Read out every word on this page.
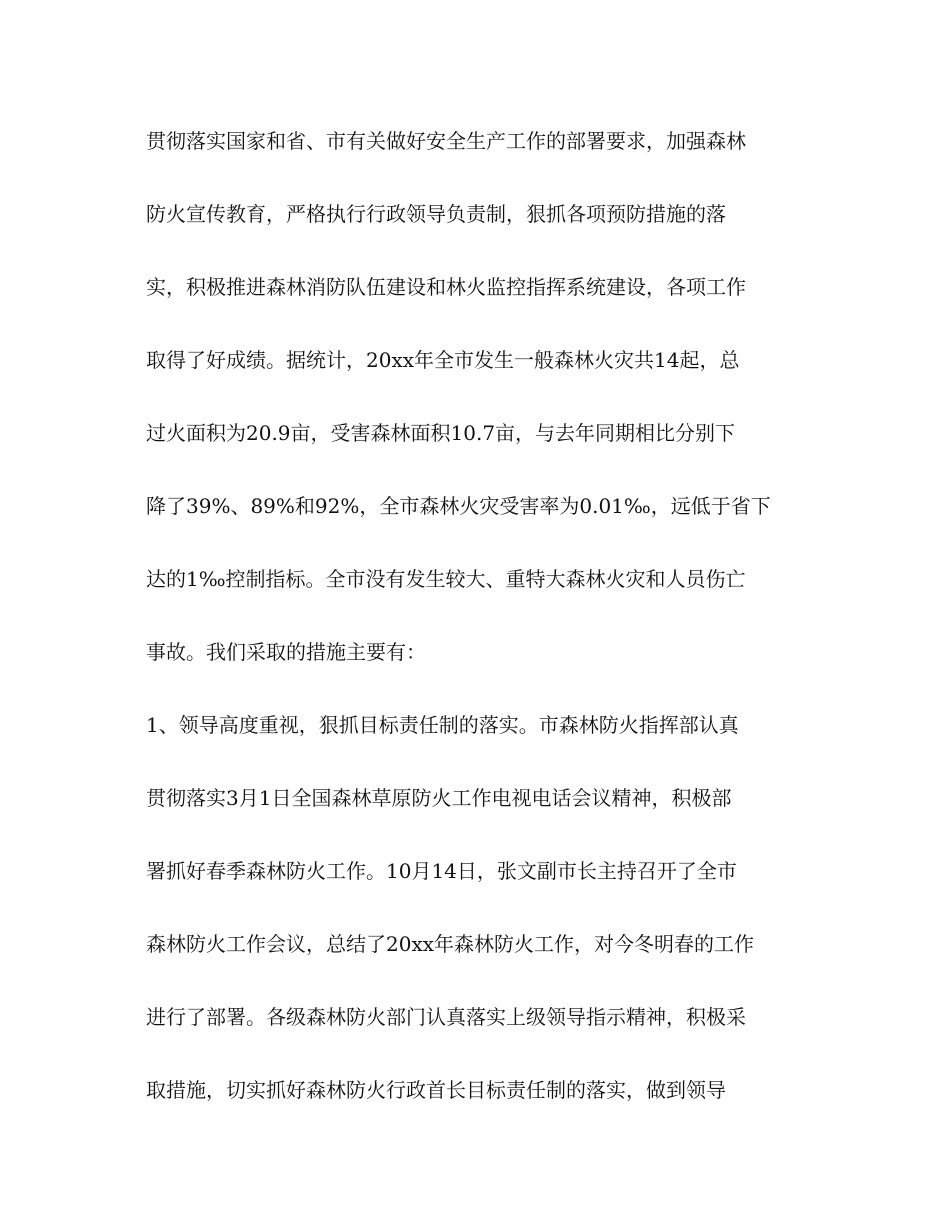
贯彻落实国家和省、市有关做好安全生产工作的部署要求，加强森林
防火宣传教育，严格执行行政领导负责制，狠抓各项预防措施的落
实，积极推进森林消防队伍建设和林火监控指挥系统建设，各项工作
取得了好成绩。据统计，20xx年全市发生一般森林火灾共14起，总
过火面积为20.9亩，受害森林面积10.7亩，与去年同期相比分别下
降了39%、89%和92%，全市森林火灾受害率为0.01‰，远低于省下
达的1‰控制指标。全市没有发生较大、重特大森林火灾和人员伤亡
事故。我们采取的措施主要有：
1、领导高度重视，狠抓目标责任制的落实。市森林防火指挥部认真
贯彻落实3月1日全国森林草原防火工作电视电话会议精神，积极部
署抓好春季森林防火工作。10月14日，张文副市长主持召开了全市
森林防火工作会议，总结了20xx年森林防火工作，对今冬明春的工作
进行了部署。各级森林防火部门认真落实上级领导指示精神，积极采
取措施，切实抓好森林防火行政首长目标责任制的落实，做到领导
